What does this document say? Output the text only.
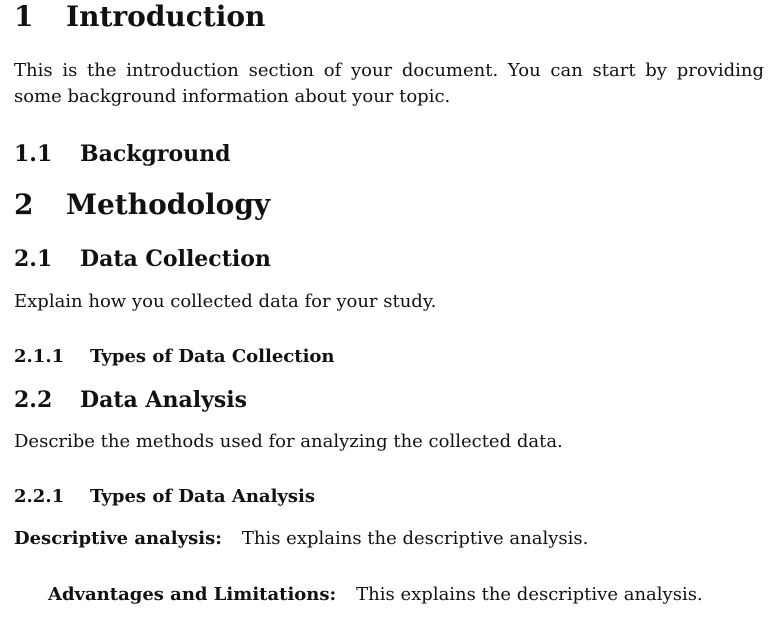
1 Introduction
This is the introduction section of your document. You can start by providing some background information about your topic.
1.1 Background
2 Methodology
2.1 Data Collection
Explain how you collected data for your study.
2.1.1 Types of Data Collection
2.2 Data Analysis
Describe the methods used for analyzing the collected data.
2.2.1 Types of Data Analysis
Descriptive analysis: This explains the descriptive analysis.
Advantages and Limitations: This explains the descriptive analysis.
